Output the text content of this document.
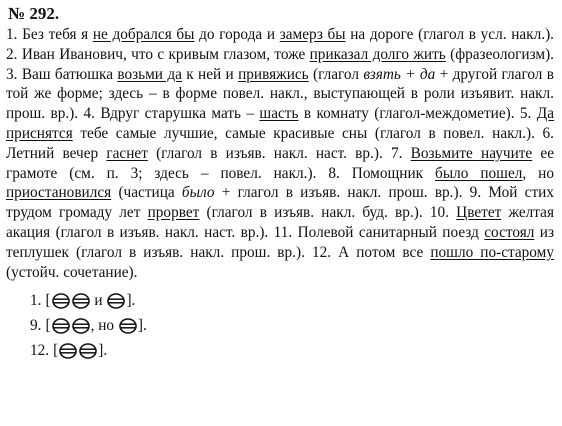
№ 292.
1. Без тебя я не добрался бы до города и замерз бы на дороге (глагол в усл. накл.). 2. Иван Иванович, что с кривым глазом, тоже приказал долго жить (фразеологизм). 3. Ваш батюшка возьми да к ней и привяжись (глагол взять + да + другой глагол в той же форме; здесь – в форме повел. накл., выступающей в роли изъявит. накл. прош. вр.). 4. Вдруг старушка мать – шасть в комнату (глагол-междометие). 5. Да приснятся тебе самые лучшие, самые красивые сны (глагол в повел. накл.). 6. Летний вечер гаснет (глагол в изъяв. накл. наст. вр.). 7. Возьмите научите ее грамоте (см. п. 3; здесь – повел. накл.). 8. Помощник было пошел, но приостановился (частица было + глагол в изъяв. накл. прош. вр.). 9. Мой стих трудом громаду лет прорвет (глагол в изъяв. накл. буд. вр.). 10. Цветет желтая акация (глагол в изъяв. накл. наст. вр.). 11. Полевой санитарный поезд состоял из теплушек (глагол в изъяв. накл. прош. вр.). 12. А потом все пошло по-старому (устойч. сочетание).
1. [	и ].
9. [	, но ].
12. [	].
